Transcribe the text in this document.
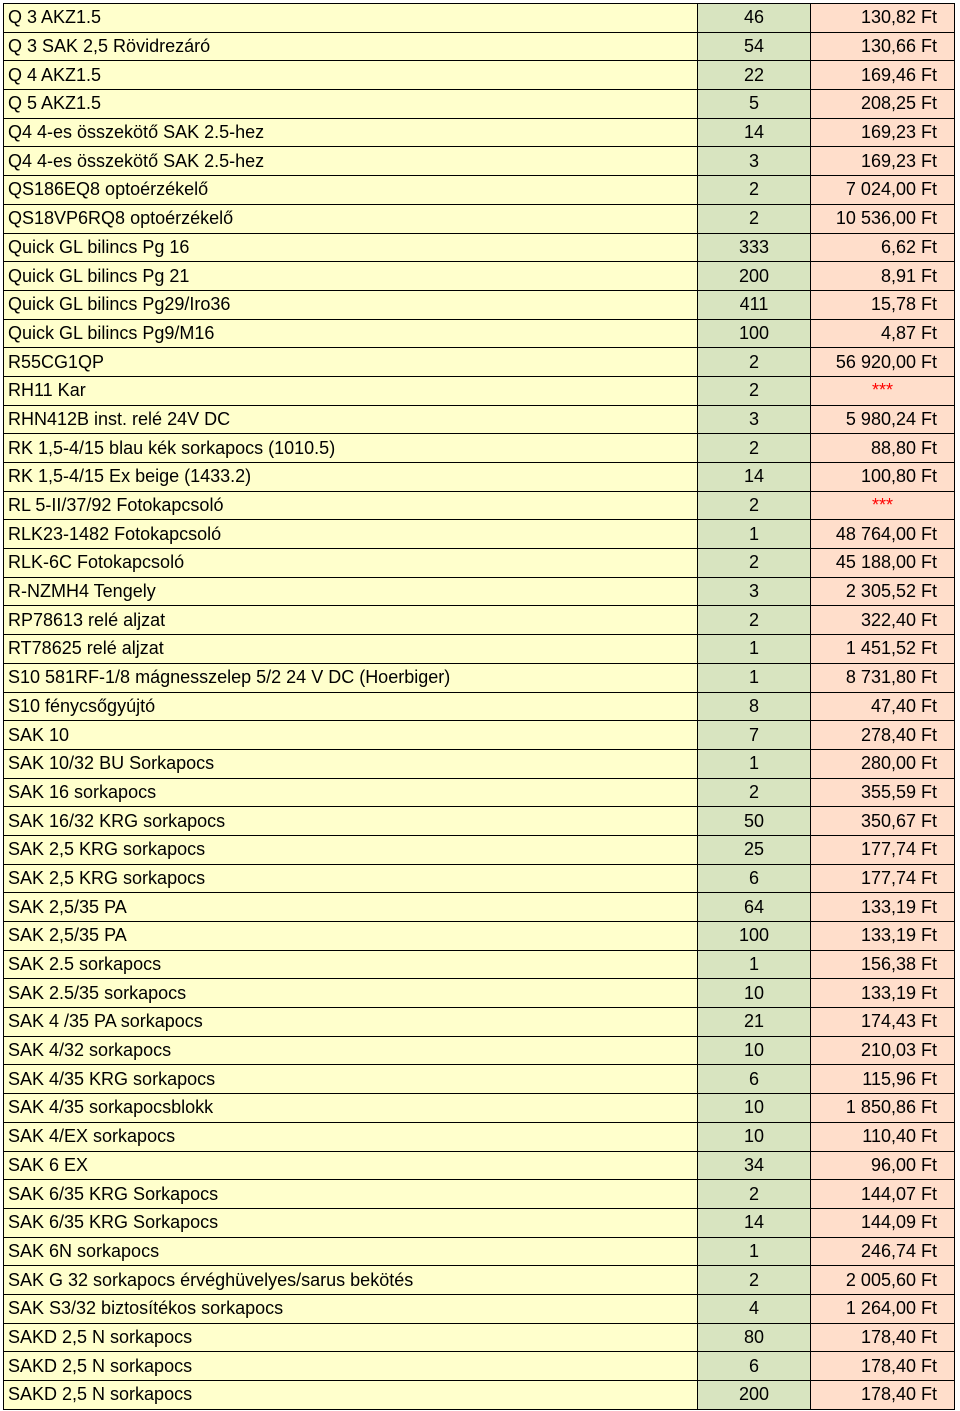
Q 3 AKZ1.5	46	130,82 Ft
Q 3 SAK 2,5 Rövidrezáró	54	130,66 Ft
Q 4 AKZ1.5	22	169,46 Ft
Q 5 AKZ1.5	5	208,25 Ft
Q4 4-es összekötő SAK 2.5-hez	14	169,23 Ft
Q4 4-es összekötő SAK 2.5-hez	3	169,23 Ft
QS186EQ8 optoérzékelő	2	7 024,00 Ft
QS18VP6RQ8 optoérzékelő	2	10 536,00 Ft
Quick GL bilincs Pg 16	333	6,62 Ft
Quick GL bilincs Pg 21	200	8,91 Ft
Quick GL bilincs Pg29/Iro36	411	15,78 Ft
Quick GL bilincs Pg9/M16	100	4,87 Ft
R55CG1QP	2	56 920,00 Ft
RH11 Kar	2	***
RHN412B inst. relé 24V DC	3	5 980,24 Ft
RK 1,5-4/15 blau kék sorkapocs (1010.5)	2	88,80 Ft
RK 1,5-4/15 Ex beige (1433.2)	14	100,80 Ft
RL 5-II/37/92 Fotokapcsoló	2	***
RLK23-1482 Fotokapcsoló	1	48 764,00 Ft
RLK-6C Fotokapcsoló	2	45 188,00 Ft
R-NZMH4 Tengely	3	2 305,52 Ft
RP78613 relé aljzat	2	322,40 Ft
RT78625 relé aljzat	1	1 451,52 Ft
S10 581RF-1/8 mágnesszelep 5/2 24 V DC (Hoerbiger)	1	8 731,80 Ft
S10 fénycsőgyújtó	8	47,40 Ft
SAK 10	7	278,40 Ft
SAK 10/32 BU Sorkapocs	1	280,00 Ft
SAK 16 sorkapocs	2	355,59 Ft
SAK 16/32 KRG sorkapocs	50	350,67 Ft
SAK 2,5 KRG sorkapocs	25	177,74 Ft
SAK 2,5 KRG sorkapocs	6	177,74 Ft
SAK 2,5/35 PA	64	133,19 Ft
SAK 2,5/35 PA	100	133,19 Ft
SAK 2.5 sorkapocs	1	156,38 Ft
SAK 2.5/35 sorkapocs	10	133,19 Ft
SAK 4 /35 PA sorkapocs	21	174,43 Ft
SAK 4/32 sorkapocs	10	210,03 Ft
SAK 4/35 KRG sorkapocs	6	115,96 Ft
SAK 4/35 sorkapocsblokk	10	1 850,86 Ft
SAK 4/EX sorkapocs	10	110,40 Ft
SAK 6 EX	34	96,00 Ft
SAK 6/35 KRG Sorkapocs	2	144,07 Ft
SAK 6/35 KRG Sorkapocs	14	144,09 Ft
SAK 6N sorkapocs	1	246,74 Ft
SAK G 32 sorkapocs érvéghüvelyes/sarus bekötés	2	2 005,60 Ft
SAK S3/32 biztosítékos sorkapocs	4	1 264,00 Ft
SAKD 2,5 N sorkapocs	80	178,40 Ft
SAKD 2,5 N sorkapocs	6	178,40 Ft
SAKD 2,5 N sorkapocs	200	178,40 Ft
